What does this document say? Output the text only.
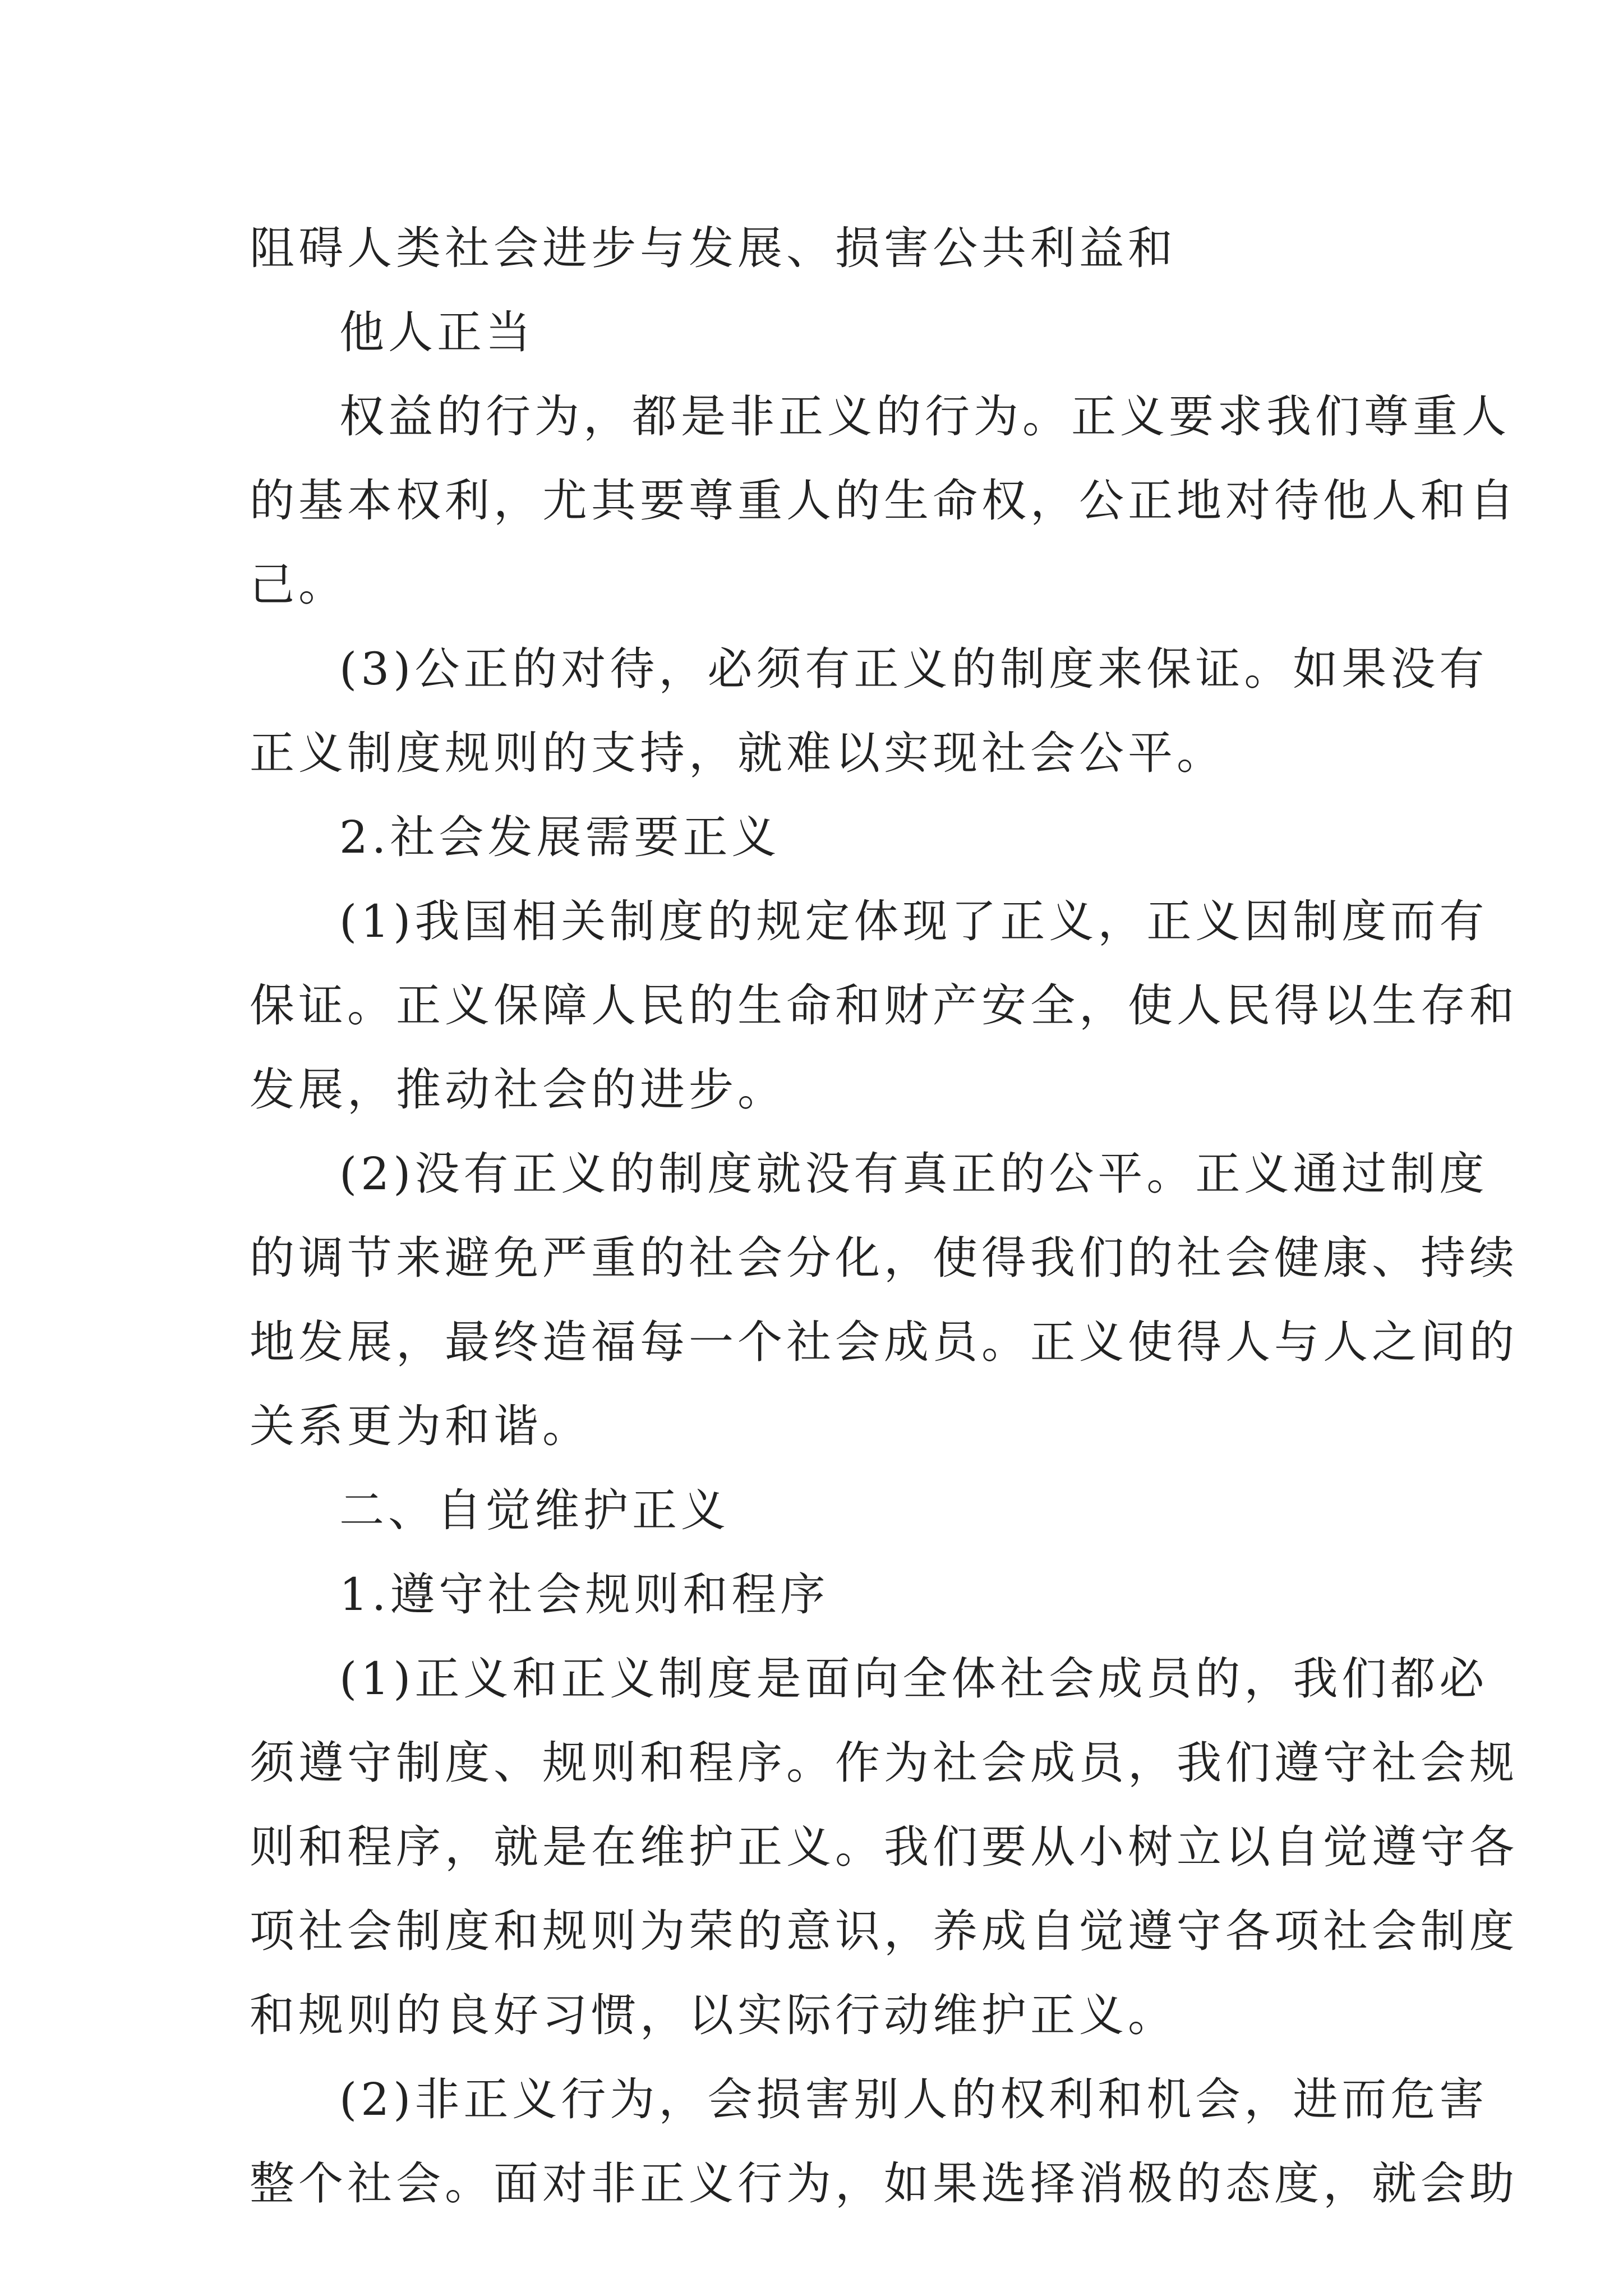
阻碍人类社会进步与发展、损害公共利益和
他人正当
权益的行为，都是非正义的行为。正义要求我们尊重人
的基本权利，尤其要尊重人的生命权，公正地对待他人和自
己。
(3)公正的对待，必须有正义的制度来保证。如果没有
正义制度规则的支持，就难以实现社会公平。
2.社会发展需要正义
(1)我国相关制度的规定体现了正义，正义因制度而有
保证。正义保障人民的生命和财产安全，使人民得以生存和
发展，推动社会的进步。
(2)没有正义的制度就没有真正的公平。正义通过制度
的调节来避免严重的社会分化，使得我们的社会健康、持续
地发展，最终造福每一个社会成员。正义使得人与人之间的
关系更为和谐。
二、自觉维护正义
1.遵守社会规则和程序
(1)正义和正义制度是面向全体社会成员的，我们都必
须遵守制度、规则和程序。作为社会成员，我们遵守社会规
则和程序，就是在维护正义。我们要从小树立以自觉遵守各
项社会制度和规则为荣的意识，养成自觉遵守各项社会制度
和规则的良好习惯，以实际行动维护正义。
(2)非正义行为，会损害别人的权利和机会，进而危害
整个社会。面对非正义行为，如果选择消极的态度，就会助
